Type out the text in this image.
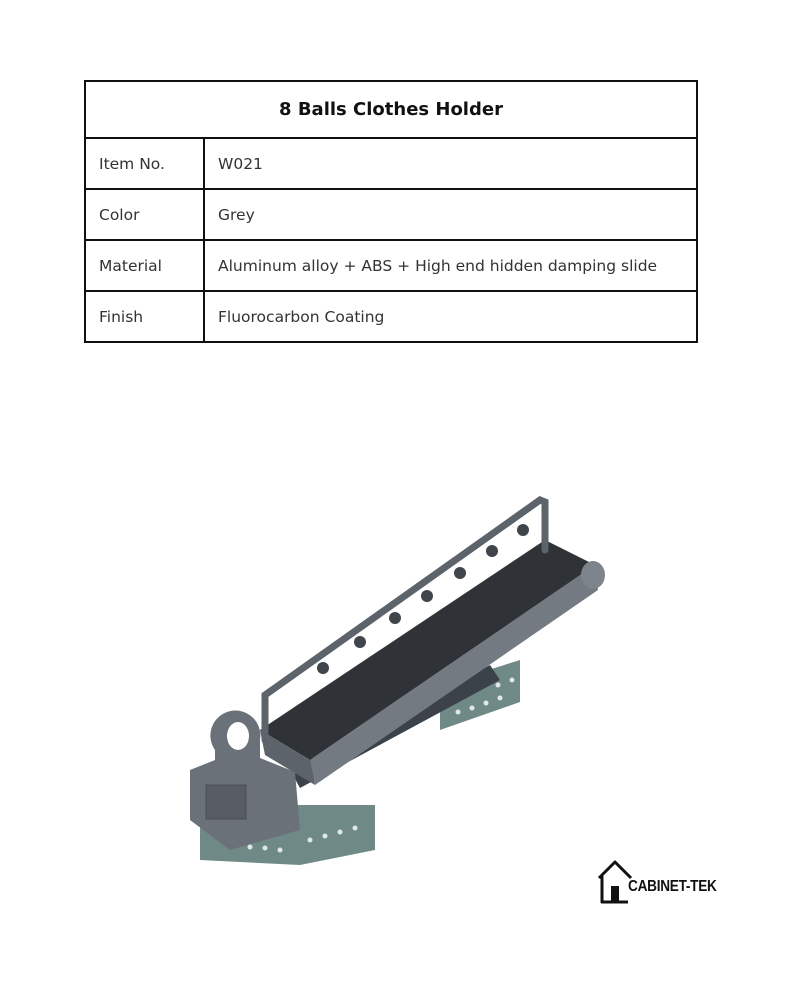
8 Balls Clothes Holder	
Item No.	W021
Color	Grey
Material	Aluminum alloy + ABS + High end hidden damping slide
Finish	Fluorocarbon Coating
CABINET-TEK
